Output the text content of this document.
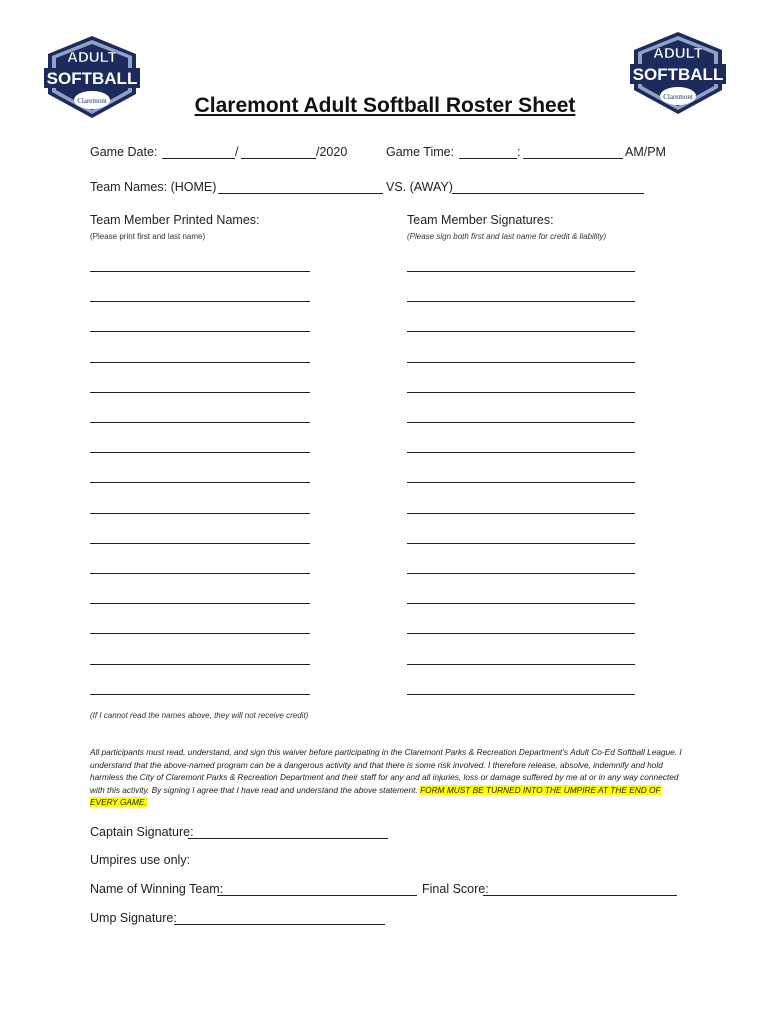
ADULT
SOFTBALL
Claremont
ADULT
SOFTBALL
Claremont
Claremont Adult Softball Roster Sheet
Game Date:	/	/2020	Game Time:	:	AM/PM
Team Names: (HOME)	VS. (AWAY)
Team Member Printed Names:
(Please print first and last name)
Team Member Signatures:
(Please sign both first and last name for credit & liability)
(If I cannot read the names above, they will not receive credit)
All participants must read, understand, and sign this waiver before participating in the Claremont Parks & Recreation Department’s Adult Co-Ed Softball League. I understand that the above-named program can be a dangerous activity and that there is some risk involved. I therefore release, absolve, indemnify and hold harmless the City of Claremont Parks & Recreation Department and their staff for any and all injuries, loss or damage suffered by me at or in any way connected with this activity. By signing I agree that I have read and understand the above statement. FORM MUST BE TURNED INTO THE UMPIRE AT THE END OF EVERY GAME.
Captain Signature:
Umpires use only:
Name of Winning Team:	Final Score:
Ump Signature:
